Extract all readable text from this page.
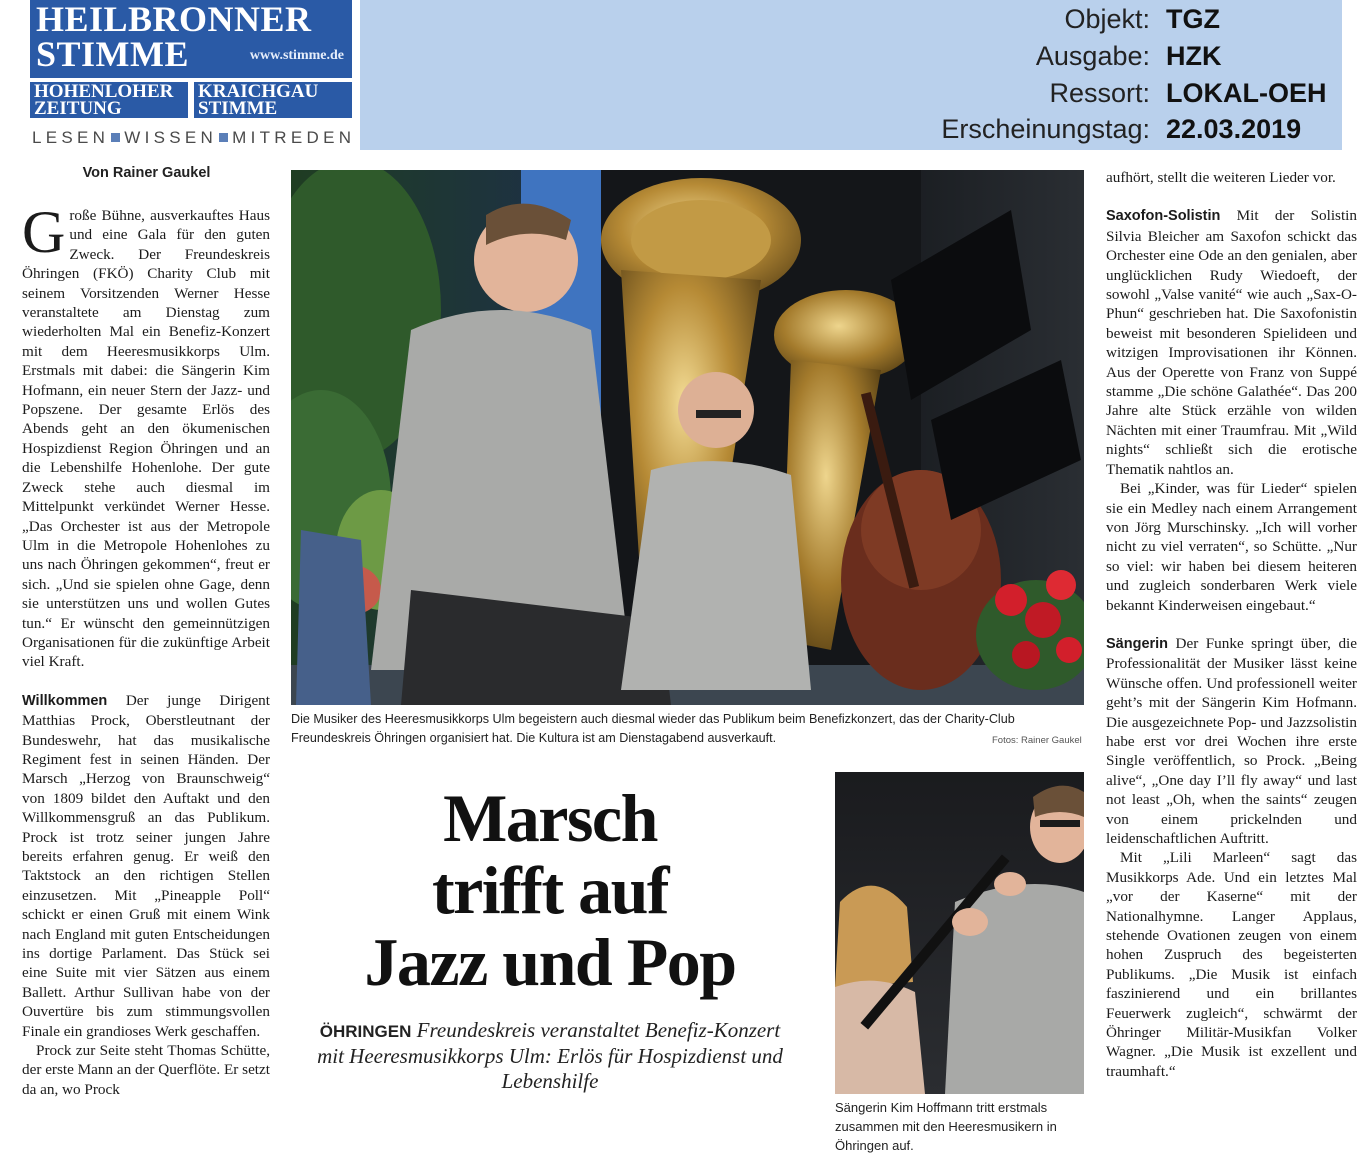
HEILBRONNER
STIMME	www.stimme.de
HOHENLOHER
ZEITUNG
KRAICHGAU
STIMME
LESEN WISSEN MITREDEN
Objekt: TGZ
Ausgabe: HZK
Ressort: LOKAL-OEH
Erscheinungstag: 22.03.2019
Von Rainer Gaukel

Große Bühne, ausverkauftes Haus und eine Gala für den guten Zweck. Der Freundeskreis Öhringen (FKÖ) Charity Club mit seinem Vorsitzenden Werner Hesse veranstaltete am Dienstag zum wiederholten Mal ein Benefiz-Konzert mit dem Heeresmusikkorps Ulm. Erstmals mit dabei: die Sängerin Kim Hofmann, ein neuer Stern der Jazz- und Popszene. Der gesamte Erlös des Abends geht an den ökumenischen Hospizdienst Region Öhringen und an die Lebenshilfe Hohenlohe. Der gute Zweck stehe auch diesmal im Mittelpunkt verkündet Werner Hesse. „Das Orchester ist aus der Metropole Ulm in die Metropole Hohenlohes zu uns nach Öhringen gekommen“, freut er sich. „Und sie spielen ohne Gage, denn sie unterstützen uns und wollen Gutes tun.“ Er wünscht den gemeinnützigen Organisationen für die zukünftige Arbeit viel Kraft.

Willkommen Der junge Dirigent Matthias Prock, Oberstleutnant der Bundeswehr, hat das musikalische Regiment fest in seinen Händen. Der Marsch „Herzog von Braunschweig“ von 1809 bildet den Auftakt und den Willkommensgruß an das Publikum. Prock ist trotz seiner jungen Jahre bereits erfahren genug. Er weiß den Taktstock an den richtigen Stellen einzusetzen. Mit „Pineapple Poll“ schickt er einen Gruß mit einem Wink nach England mit guten Entscheidungen ins dortige Parlament. Das Stück sei eine Suite mit vier Sätzen aus einem Ballett. Arthur Sullivan habe von der Ouvertüre bis zum stimmungsvollen Finale ein grandioses Werk geschaffen.

Prock zur Seite steht Thomas Schütte, der erste Mann an der Querflöte. Er setzt da an, wo Prock

Die Musiker des Heeresmusikkorps Ulm begeistern auch diesmal wieder das Publikum beim Benefizkonzert, das der Charity-Club Freundeskreis Öhringen organisiert hat. Die Kultura ist am Dienstagabend ausverkauft.	Fotos: Rainer Gaukel
Marsch
trifft auf
Jazz und Pop
ÖHRINGEN Freundeskreis veranstaltet Benefiz-Konzert mit Heeresmusikkorps Ulm: Erlös für Hospizdienst und Lebenshilfe
Sängerin Kim Hoffmann tritt erstmals zusammen mit den Heeresmusikern in Öhringen auf.

aufhört, stellt die weiteren Lieder vor.

Saxofon-Solistin Mit der Solistin Silvia Bleicher am Saxofon schickt das Orchester eine Ode an den genialen, aber unglücklichen Rudy Wiedoeft, der sowohl „Valse vanité“ wie auch „Sax-O-Phun“ geschrieben hat. Die Saxofonistin beweist mit besonderen Spielideen und witzigen Improvisationen ihr Können. Aus der Operette von Franz von Suppé stamme „Die schöne Galathée“. Das 200 Jahre alte Stück erzähle von wilden Nächten mit einer Traumfrau. Mit „Wild nights“ schließt sich die erotische Thematik nahtlos an.

Bei „Kinder, was für Lieder“ spielen sie ein Medley nach einem Arrangement von Jörg Murschinsky. „Ich will vorher nicht zu viel verraten“, so Schütte. „Nur so viel: wir haben bei diesem heiteren und zugleich sonderbaren Werk viele bekannt Kinderweisen eingebaut.“

Sängerin Der Funke springt über, die Professionalität der Musiker lässt keine Wünsche offen. Und professionell weiter geht’s mit der Sängerin Kim Hofmann. Die ausgezeichnete Pop- und Jazzsolistin habe erst vor drei Wochen ihre erste Single veröffentlich, so Prock. „Being alive“, „One day I’ll fly away“ und last not least „Oh, when the saints“ zeugen von einem prickelnden und leidenschaftlichen Auftritt.

Mit „Lili Marleen“ sagt das Musikkorps Ade. Und ein letztes Mal „vor der Kaserne“ mit der Nationalhymne. Langer Applaus, stehende Ovationen zeugen von einem hohen Zuspruch des begeisterten Publikums. „Die Musik ist einfach faszinierend und ein brillantes Feuerwerk zugleich“, schwärmt der Öhringer Militär-Musikfan Volker Wagner. „Die Musik ist exzellent und traumhaft.“
